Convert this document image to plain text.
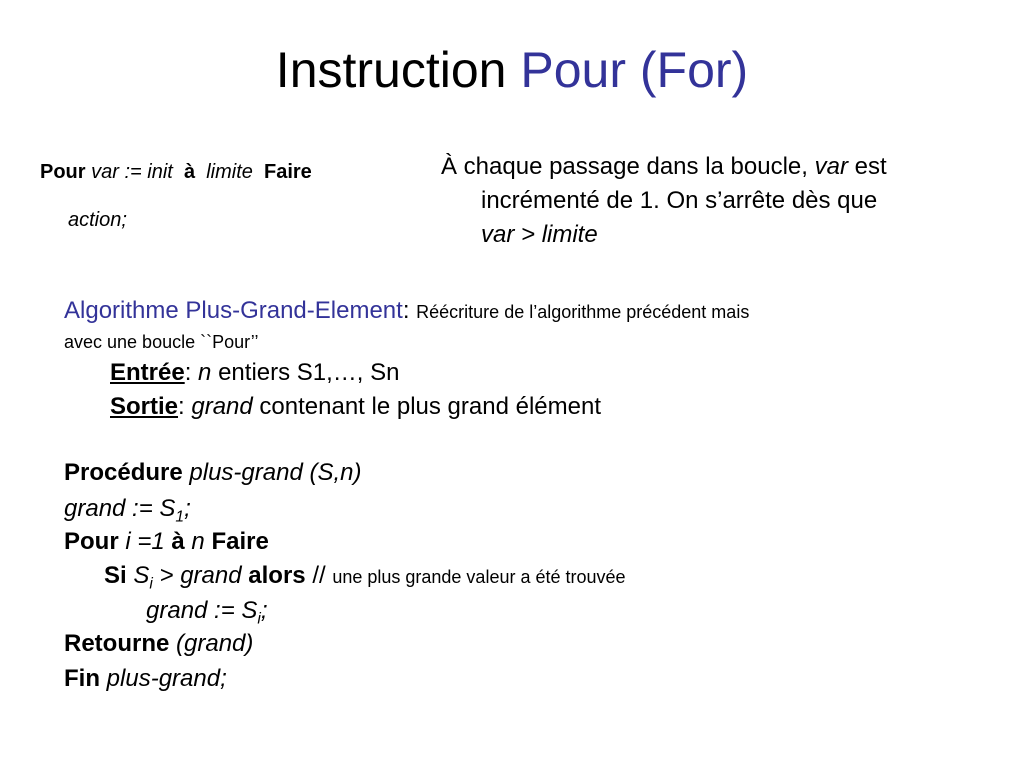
Instruction Pour (For)
Pour var := init à limite Faire
action;
À chaque passage dans la boucle, var est
incrémenté de 1. On s’arrête dès que
var > limite
Algorithme Plus-Grand-Element: Réécriture de l’algorithme précédent mais
avec une boucle ``Pour’’
Entrée: n entiers S1,…, Sn
Sortie: grand contenant le plus grand élément
Procédure plus-grand (S,n)
grand := $S_1$;
Pour i =1 à n Faire
Si $S_i$ > grand alors // une plus grande valeur a été trouvée
grand := $S_i$;
Retourne (grand)
Fin plus-grand;
